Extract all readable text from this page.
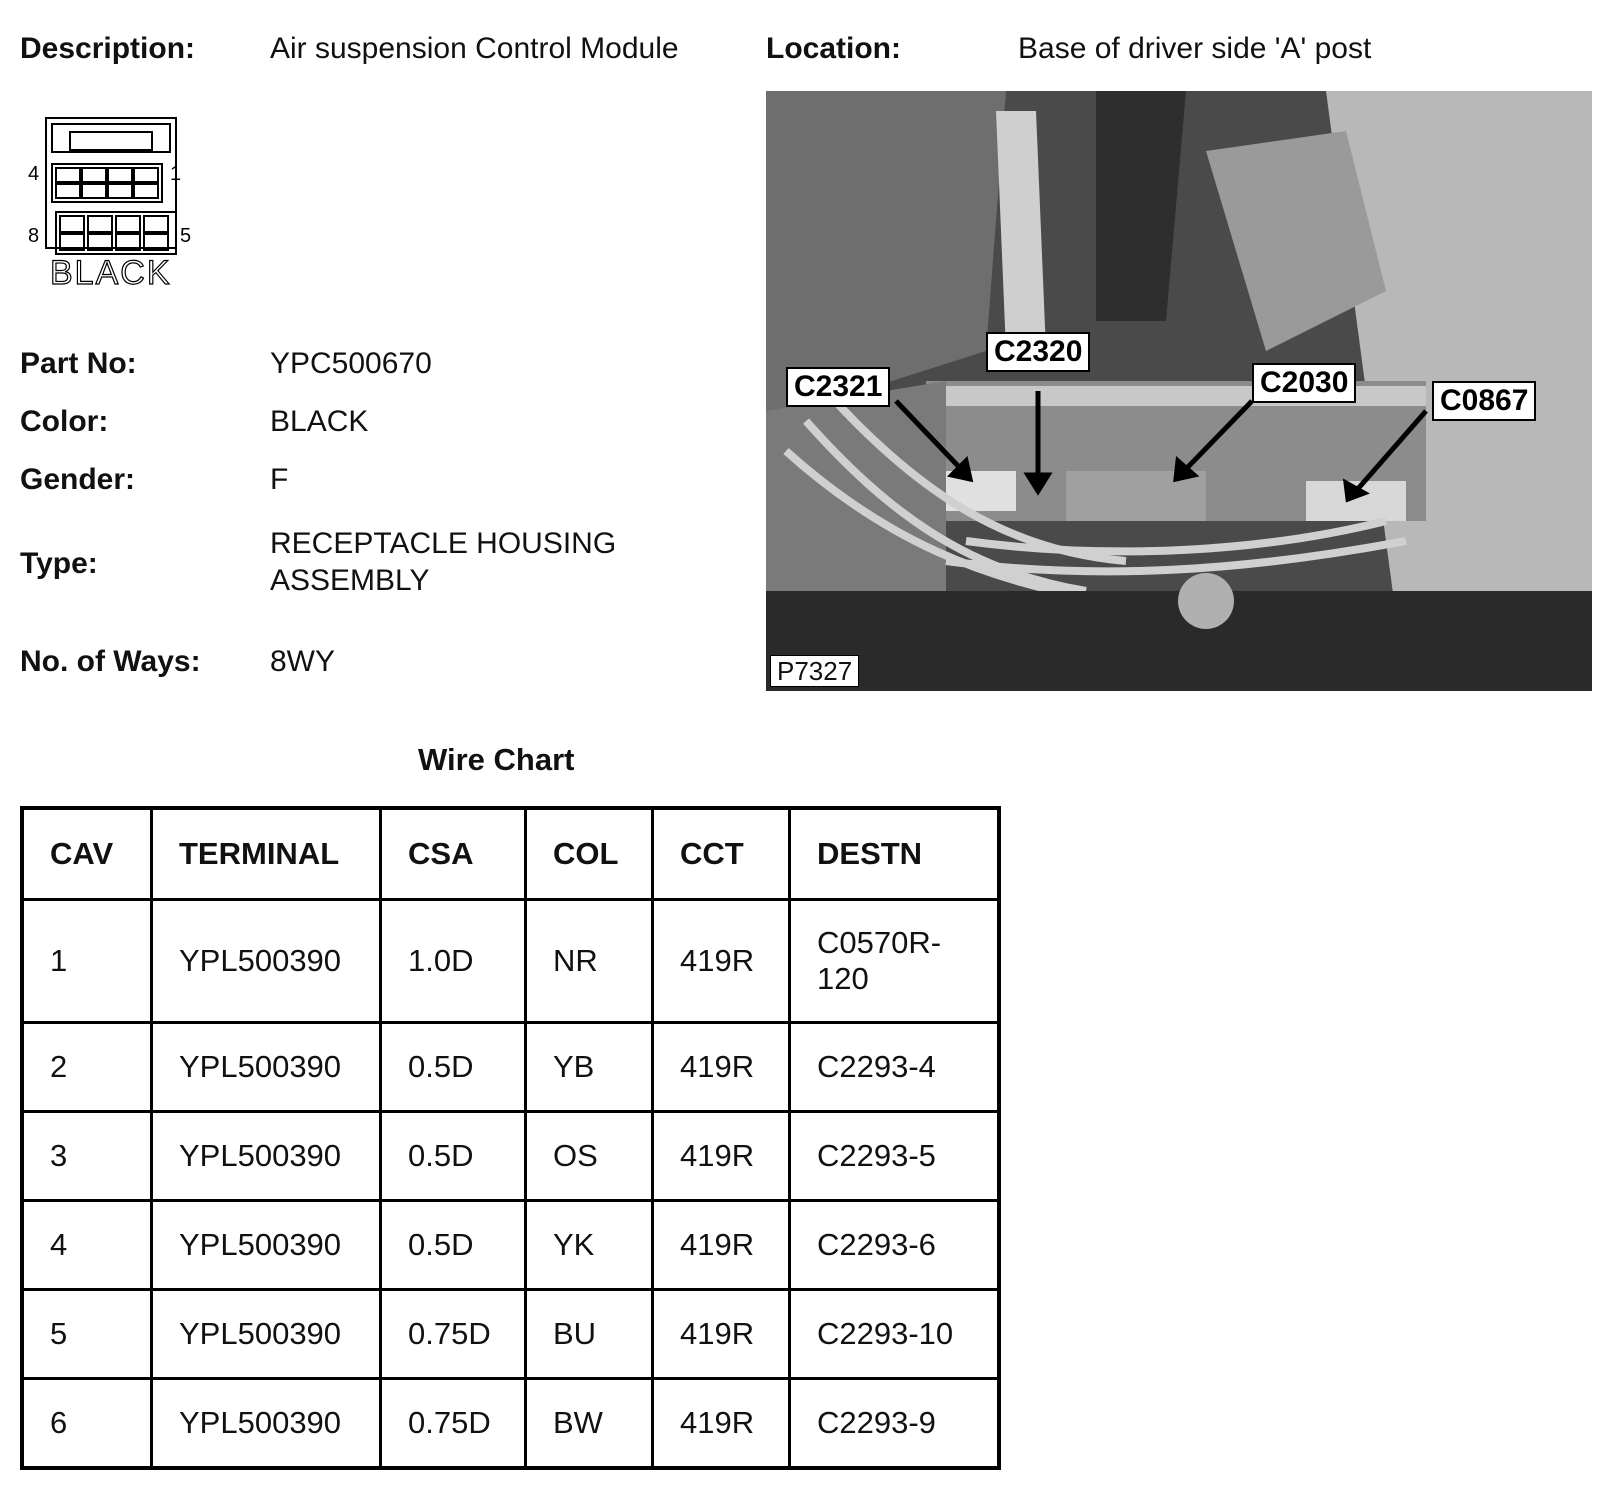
Description: Air suspension Control Module	Location:	Base of driver side 'A' post
4	1
8	5
BLACK
Part No:	YPC500670
Color:	BLACK
Gender:	F
Type:
RECEPTACLE HOUSING
ASSEMBLY
No. of Ways: 8WY
C2321
C2320
C2030
C0867
P7327
Wire Chart
CAV	TERMINAL	CSA	COL	CCT	DESTN
1	YPL500390	1.0D	NR	419R	C0570R-
120

2	YPL500390	0.5D	YB	419R	C2293-4
3	YPL500390	0.5D	OS	419R	C2293-5
4	YPL500390	0.5D	YK	419R	C2293-6
5	YPL500390	0.75D	BU	419R	C2293-10
6	YPL500390	0.75D	BW	419R	C2293-9
